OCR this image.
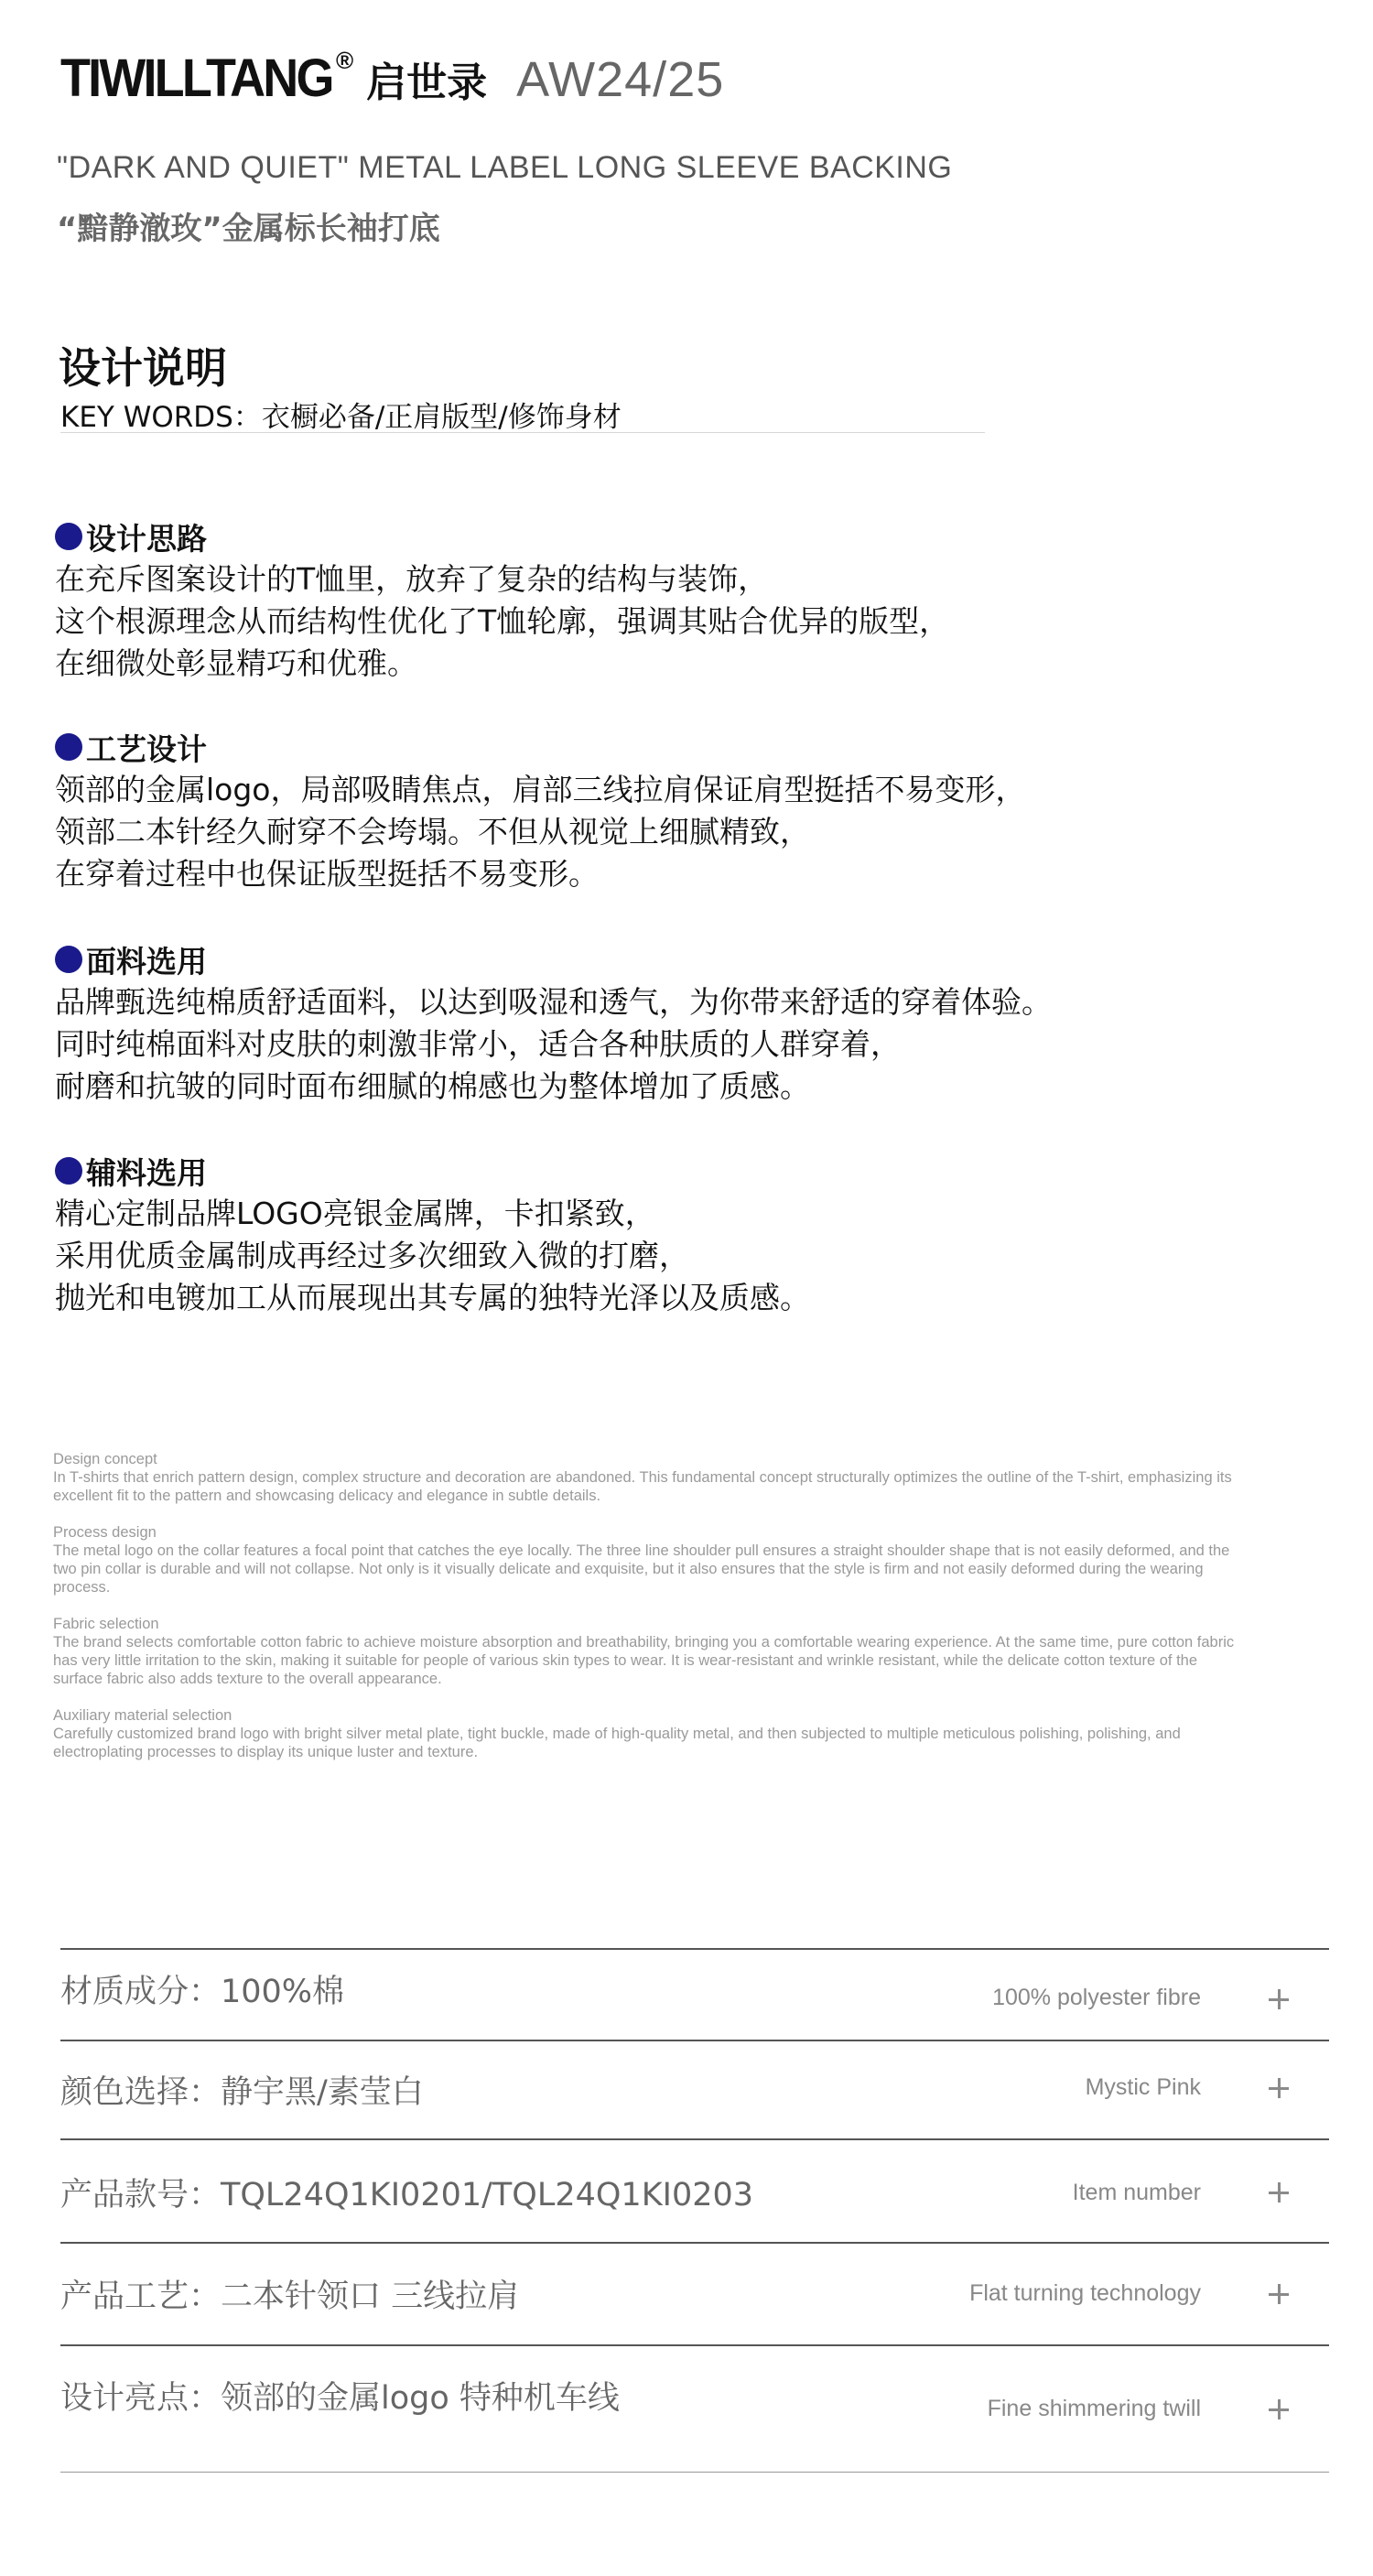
TIWILLTANG ® 启世录 AW24/25
"DARK AND QUIET" METAL LABEL LONG SLEEVE BACKING
“黯静澈玫”金属标长袖打底
设计说明
KEY WORDS：衣橱必备/正肩版型/修饰身材
设计思路
在充斥图案设计的T恤里，放弃了复杂的结构与装饰，
这个根源理念从而结构性优化了T恤轮廓，强调其贴合优异的版型，
在细微处彰显精巧和优雅。
工艺设计
领部的金属logo，局部吸睛焦点，肩部三线拉肩保证肩型挺括不易变形，
领部二本针经久耐穿不会垮塌。不但从视觉上细腻精致，
在穿着过程中也保证版型挺括不易变形。
面料选用
品牌甄选纯棉质舒适面料，以达到吸湿和透气，为你带来舒适的穿着体验。
同时纯棉面料对皮肤的刺激非常小，适合各种肤质的人群穿着，
耐磨和抗皱的同时面布细腻的棉感也为整体增加了质感。
辅料选用
精心定制品牌LOGO亮银金属牌，卡扣紧致，
采用优质金属制成再经过多次细致入微的打磨，
抛光和电镀加工从而展现出其专属的独特光泽以及质感。
Design concept
In T-shirts that enrich pattern design, complex structure and decoration are abandoned. This fundamental concept structurally optimizes the outline of the T-shirt, emphasizing its excellent fit to the pattern and showcasing delicacy and elegance in subtle details.
Process design
The metal logo on the collar features a focal point that catches the eye locally. The three line shoulder pull ensures a straight shoulder shape that is not easily deformed, and the two pin collar is durable and will not collapse. Not only is it visually delicate and exquisite, but it also ensures that the style is firm and not easily deformed during the wearing process.
Fabric selection
The brand selects comfortable cotton fabric to achieve moisture absorption and breathability, bringing you a comfortable wearing experience. At the same time, pure cotton fabric has very little irritation to the skin, making it suitable for people of various skin types to wear. It is wear-resistant and wrinkle resistant, while the delicate cotton texture of the surface fabric also adds texture to the overall appearance.
Auxiliary material selection
Carefully customized brand logo with bright silver metal plate, tight buckle, made of high-quality metal, and then subjected to multiple meticulous polishing, polishing, and electroplating processes to display its unique luster and texture.
材质成分：100%棉	100% polyester fibre
颜色选择：静宇黑/素莹白	Mystic Pink
产品款号：TQL24Q1KI0201/TQL24Q1KI0203	Item number
产品工艺：二本针领口 三线拉肩	Flat turning technology
设计亮点：领部的金属logo 特种机车线	Fine shimmering twill
